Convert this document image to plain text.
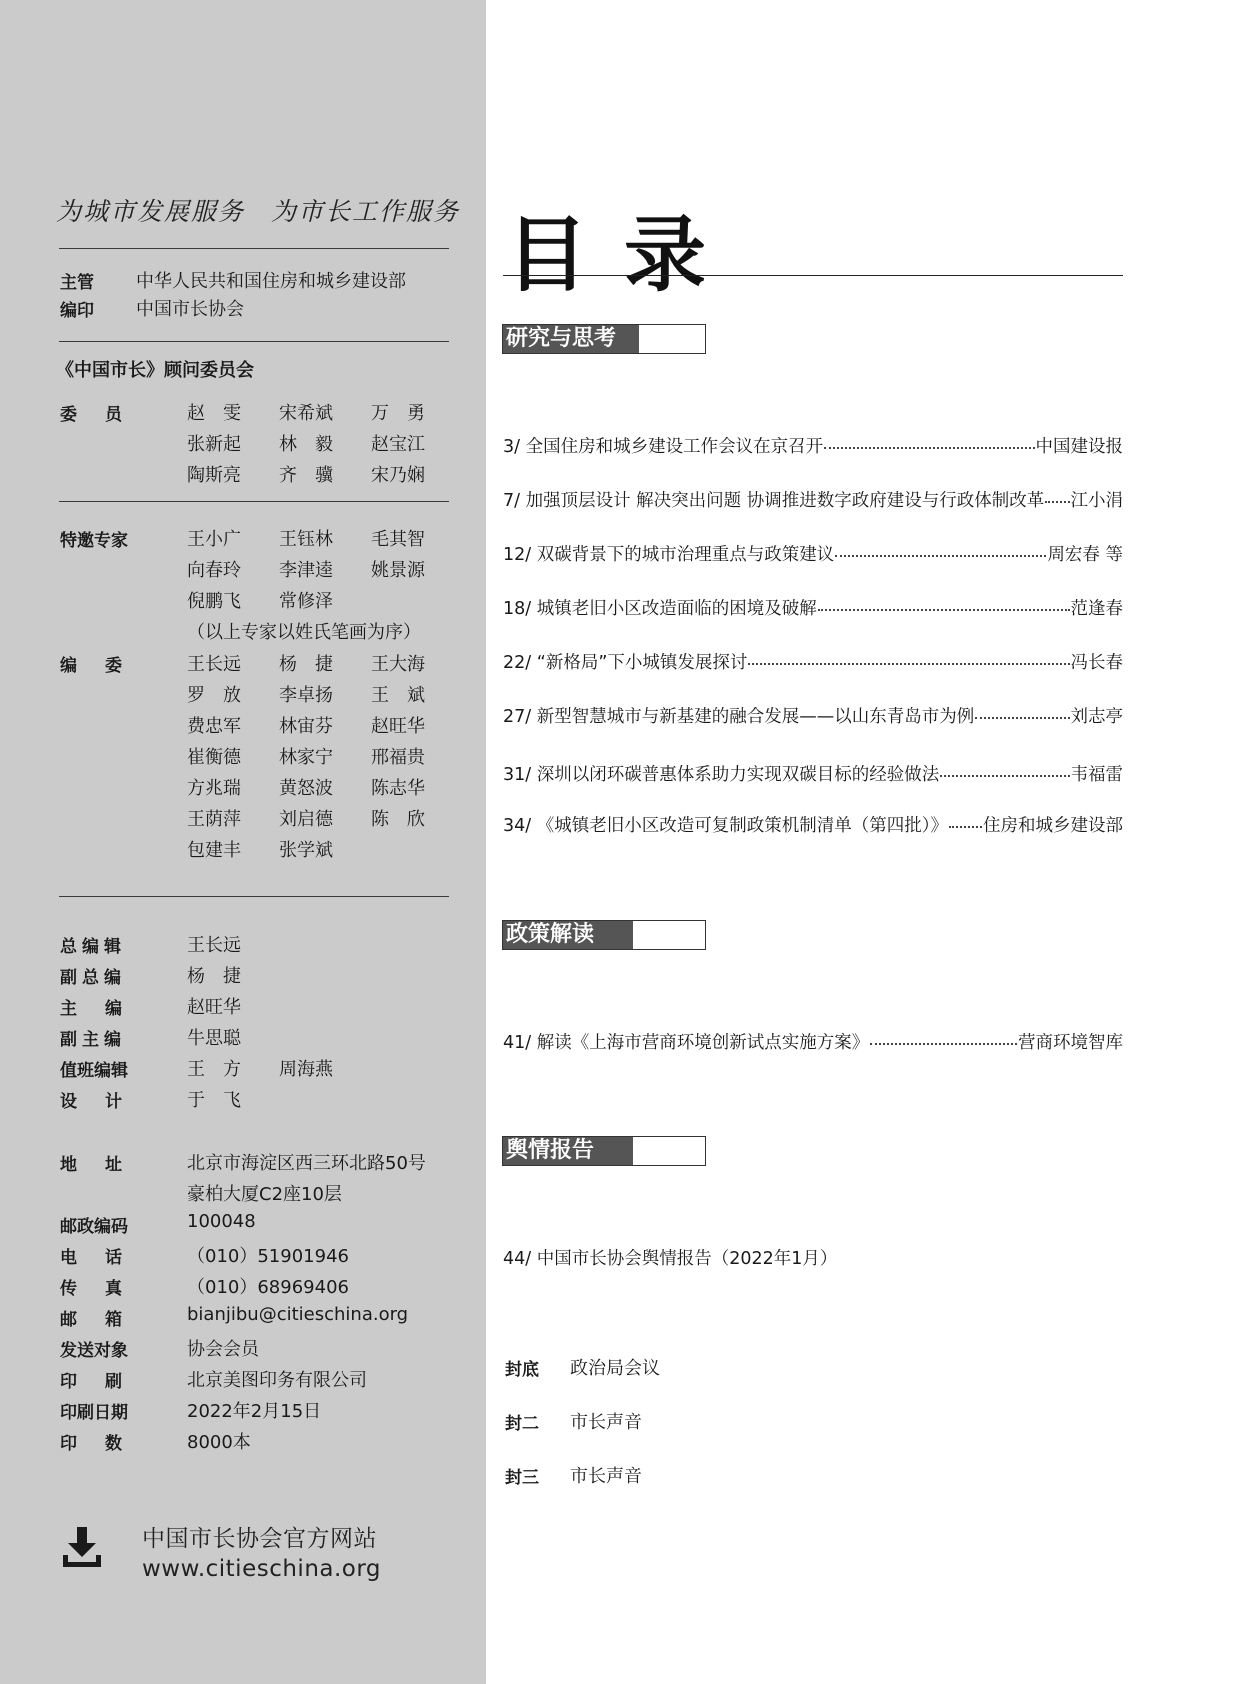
为城市发展服务 为市长工作服务
主管 中华人民共和国住房和城乡建设部
编印 中国市长协会
《中国市长》顾问委员会
委员 赵　雯 宋希斌 万　勇
张新起 林　毅 赵宝江
陶斯亮 齐　骥 宋乃娴
特邀专家	王小广 王钰林 毛其智
向春玲 李津逵 姚景源
倪鹏飞 常修泽
（以上专家以姓氏笔画为序）
编委 王长远 杨　捷 王大海
罗　放 李卓扬 王　斌
费忠军 林宙芬 赵旺华
崔衡德 林家宁 邢福贵
方兆瑞 黄怒波 陈志华
王荫萍 刘启德 陈　欣
包建丰 张学斌
总编辑	王长远
副总编	杨　捷
主编 赵旺华
副主编	牛思聪
值班编辑	王　方 周海燕
设计 于　飞
地址 北京市海淀区西三环北路50号
豪柏大厦C2座10层
邮政编码	100048
电话 （010）51901946
传真 （010）68969406
邮箱 bianjibu@citieschina.org
发送对象	协会会员
印刷 北京美图印务有限公司
印刷日期	2022年2月15日
印数 8000本
中国市长协会官方网站
www.citieschina.org
目录
研究与思考
3/
全国住房和城乡建设工作会议在京召开	中国建设报
7/
加强顶层设计 解决突出问题 协调推进数字政府建设与行政体制改革 江小涓
12/
双碳背景下的城市治理重点与政策建议	周宏春 等
18/
城镇老旧小区改造面临的困境及破解	范逢春
22/
“新格局”下小城镇发展探讨	冯长春
27/
新型智慧城市与新基建的融合发展——以山东青岛市为例	刘志亭
31/
深圳以闭环碳普惠体系助力实现双碳目标的经验做法	韦福雷
34/
《城镇老旧小区改造可复制政策机制清单（第四批）》 住房和城乡建设部
政策解读
41/
解读《上海市营商环境创新试点实施方案》	营商环境智库
舆情报告
44/
中国市长协会舆情报告（2022年1月）
封底 政治局会议
封二 市长声音
封三 市长声音
